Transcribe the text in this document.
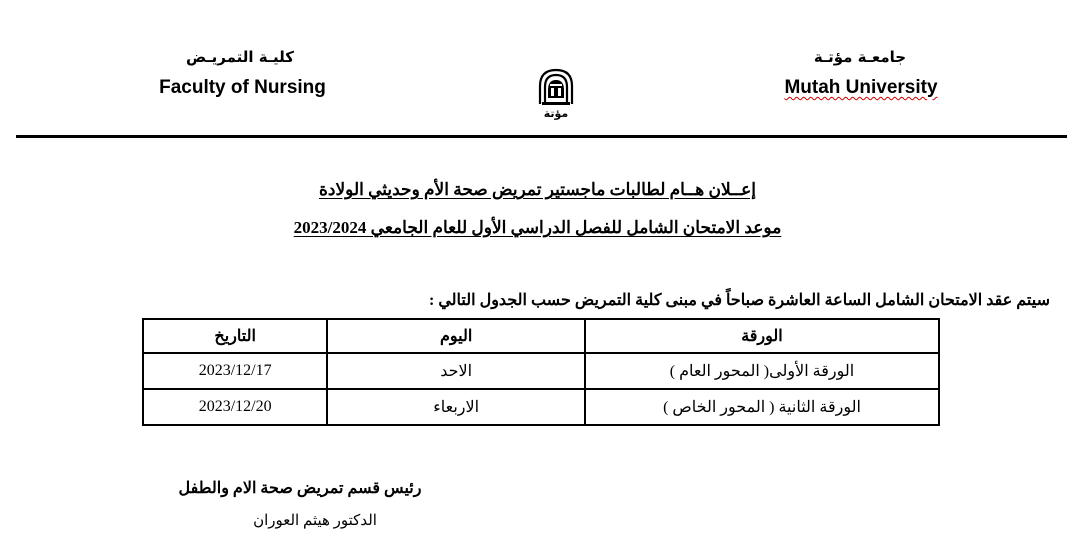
جامعـة مؤتـة
Mutah University
كليـة التمريـض
Faculty of Nursing
مؤتة
إعــلان هــام لطالبات ماجستير تمريض صحة الأم وحديثي الولادة
موعد الامتحان الشامل للفصل الدراسي الأول للعام الجامعي 2023/2024
سيتم عقد الامتحان الشامل الساعة العاشرة صباحاً في مبنى كلية التمريض حسب الجدول التالي :
الورقة	اليوم	التاريخ
الورقة الأولى( المحور العام )	الاحد	2023/12/17
الورقة الثانية ( المحور الخاص )	الاربعاء	2023/12/20
رئيس قسم تمريض صحة الام والطفل
الدكتور هيثم العوران
